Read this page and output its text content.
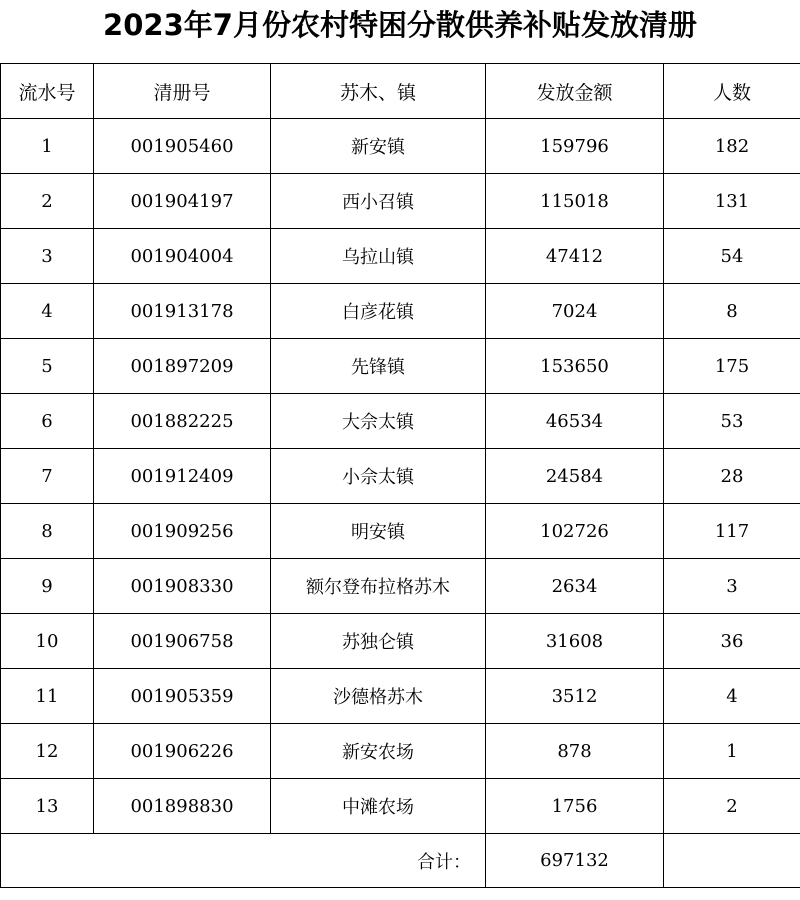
2023年7月份农村特困分散供养补贴发放清册
流水号	清册号	苏木、镇	发放金额	人数
1	001905460	新安镇	159796	182
2	001904197	西小召镇	115018	131
3	001904004	乌拉山镇	47412	54
4	001913178	白彦花镇	7024	8
5	001897209	先锋镇	153650	175
6	001882225	大佘太镇	46534	53
7	001912409	小佘太镇	24584	28
8	001909256	明安镇	102726	117
9	001908330	额尔登布拉格苏木	2634	3
10	001906758	苏独仑镇	31608	36
11	001905359	沙德格苏木	3512	4
12	001906226	新安农场	878	1
13	001898830	中滩农场	1756	2
合计：			697132	
